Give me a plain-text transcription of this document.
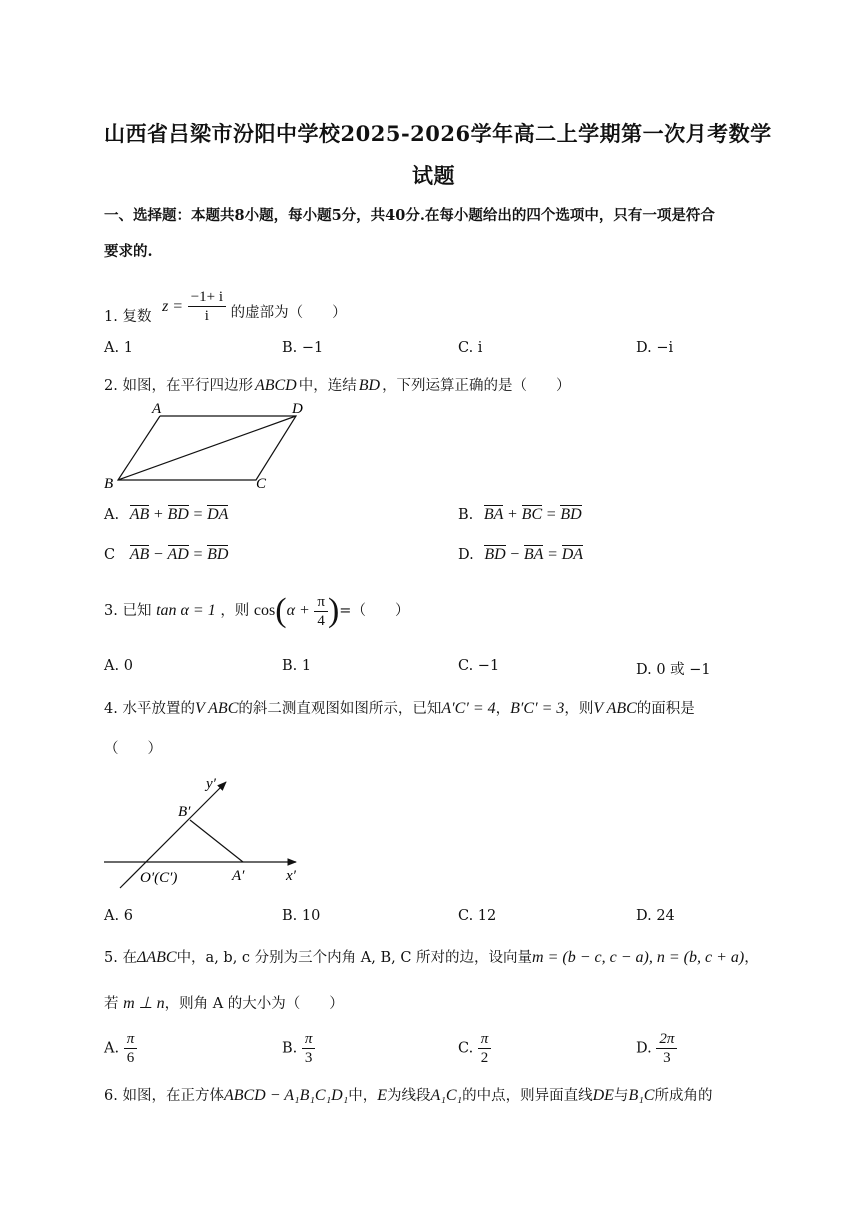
山西省吕梁市汾阳中学校2025-2026学年高二上学期第一次月考数学
试题
一、选择题：本题共8小题，每小题5分，共40分.在每小题给出的四个选项中，只有一项是符合
要求的.
1. 复数 $z = \frac{-1+ i}{i}$ 的虚部为（　　）
A. 1	B. −1	C. i	D. −i
2. 如图，在平行四边形 ABCD 中，连结 BD ，下列运算正确的是（　　）
A	D
B	C
A. AB + BD = DA	B. BA + BC = BD
C AB − AD = BD	D. BD − BA = DA
3. 已知 tan α = 1 ，则 $\cos(\alpha + \frac{\pi}{4}$ )=（　　）
A. 0	B. 1	C. −1	D. 0 或 −1
4. 水平放置的V ABC的斜二测直观图如图所示，已知A′C′ = 4，B′C′ = 3，则V ABC的面积是
（　　）
y′
B′
O′(C′)	A′	x′
A. 6	B. 10	C. 12	D. 24
5. 在ΔABC中，a, b, c 分别为三个内角 A, B, C 所对的边，设向量m = (b − c, c − a), n = (b, c + a)，
若 m ⊥ n，则角 A 的大小为（　　）
A. $\frac{\pi}{6}$	B. $\frac{\pi}{3}$	C. $\frac{\pi}{2}$	D. $\frac{2\pi}{3}$
6. 如图，在正方体ABCD − A₁B₁C₁D₁中，E为线段A₁C₁的中点，则异面直线DE与B₁C所成角的
